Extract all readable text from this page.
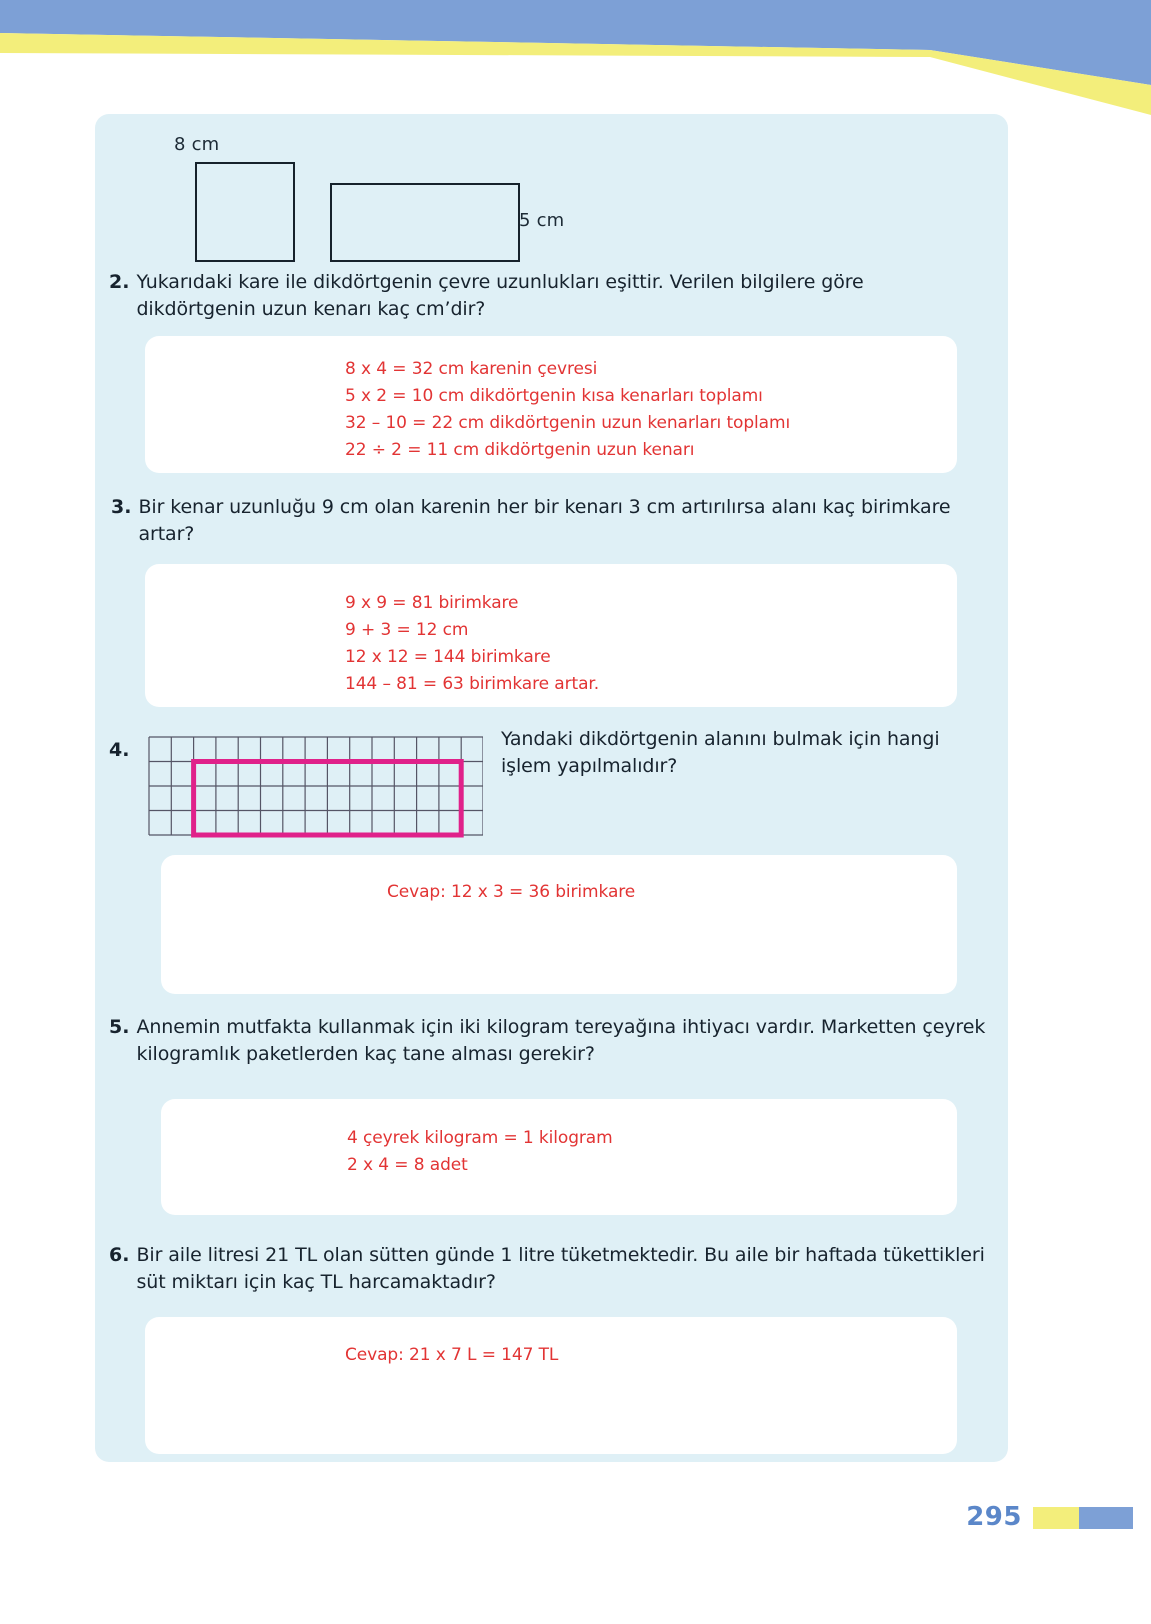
8 cm
5 cm
2. Yukarıdaki kare ile dikdörtgenin çevre uzunlukları eşittir. Verilen bilgilere göre dikdörtgenin uzun kenarı kaç cm’dir?
8 x 4 = 32 cm karenin çevresi
5 x 2 = 10 cm dikdörtgenin kısa kenarları toplamı
32 – 10 = 22 cm dikdörtgenin uzun kenarları toplamı
22 ÷ 2 = 11 cm dikdörtgenin uzun kenarı
3. Bir kenar uzunluğu 9 cm olan karenin her bir kenarı 3 cm artırılırsa alanı kaç birimkare artar?
9 x 9 = 81 birimkare
9 + 3 = 12 cm
12 x 12 = 144 birimkare
144 – 81 = 63 birimkare artar.
4.	Yandaki dikdörtgenin alanını bulmak için hangi işlem yapılmalıdır?
Cevap: 12 x 3 = 36 birimkare
5. Annemin mutfakta kullanmak için iki kilogram tereyağına ihtiyacı vardır. Marketten çeyrek kilogramlık paketlerden kaç tane alması gerekir?
4 çeyrek kilogram = 1 kilogram
2 x 4 = 8 adet
6. Bir aile litresi 21 TL olan sütten günde 1 litre tüketmektedir. Bu aile bir haftada tükettikleri süt miktarı için kaç TL harcamaktadır?
Cevap: 21 x 7 L = 147 TL
295
